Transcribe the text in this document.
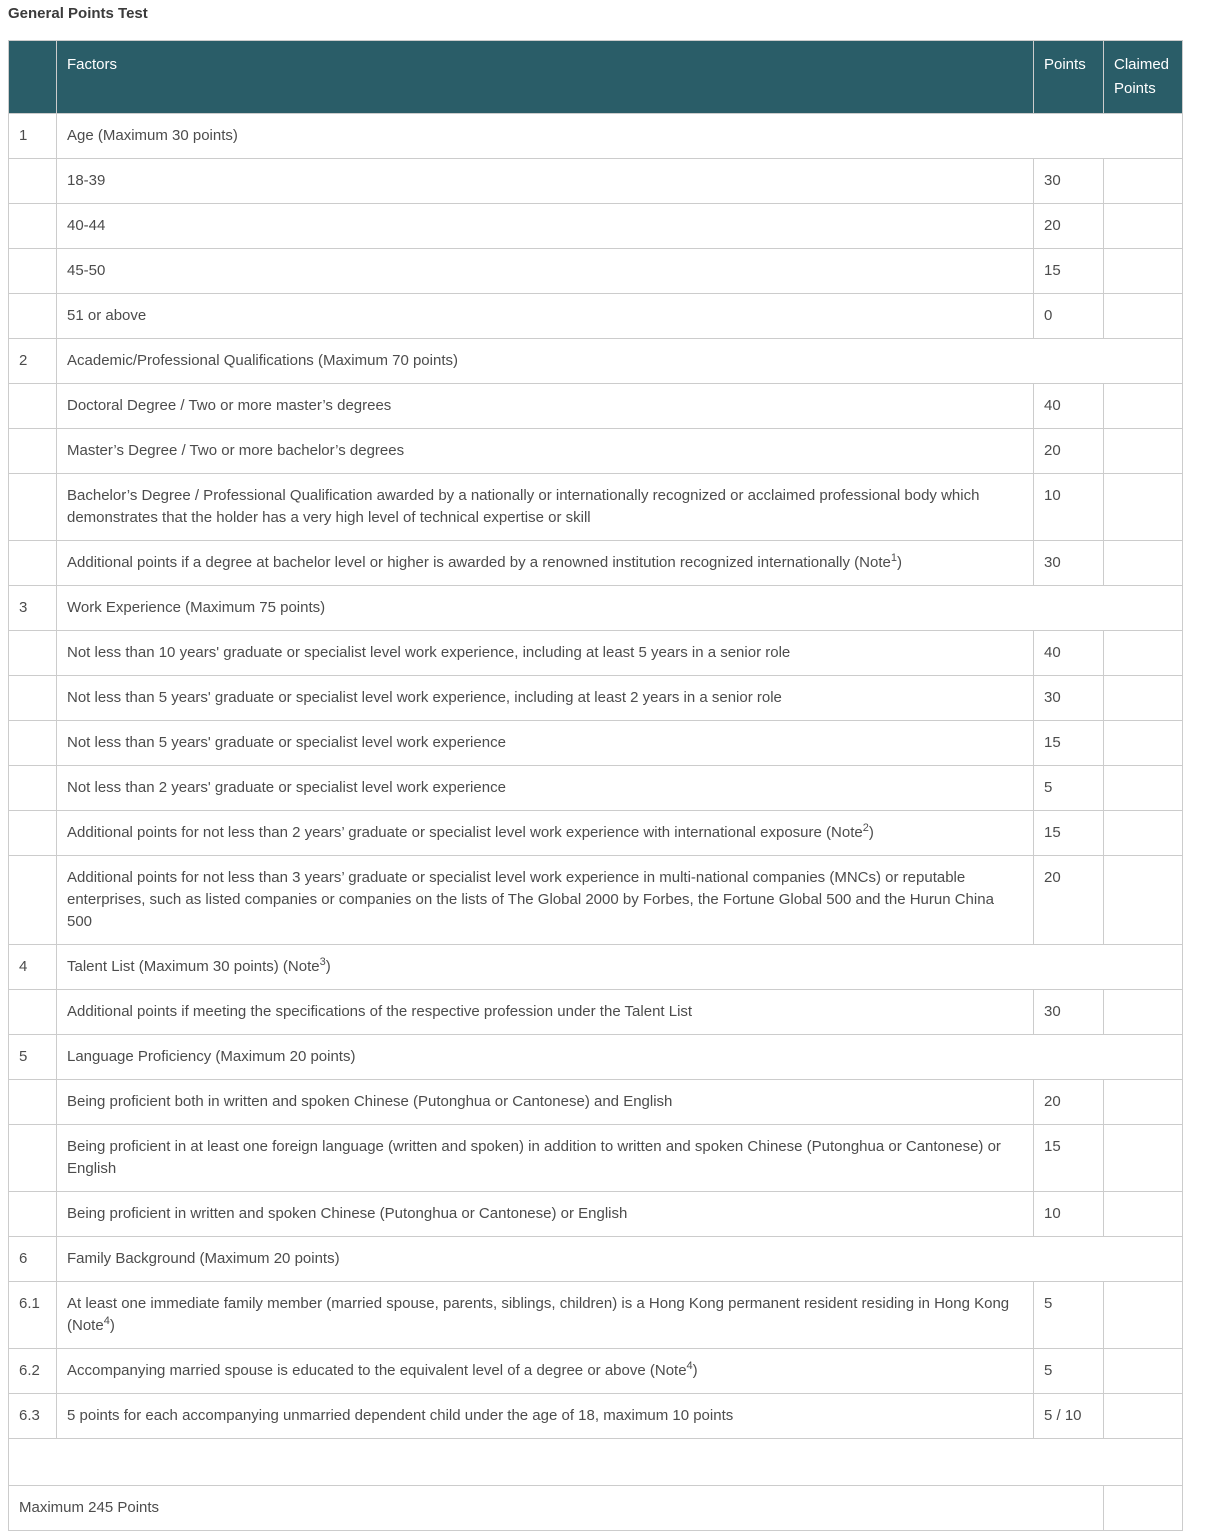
General Points Test
	Factors	Points	Claimed Points
1	Age (Maximum 30 points)		
	18-39	30	
	40-44	20	
	45-50	15	
	51 or above	0	
2	Academic/Professional Qualifications (Maximum 70 points)		
	Doctoral Degree / Two or more master’s degrees	40	
	Master’s Degree / Two or more bachelor’s degrees	20	
	Bachelor’s Degree / Professional Qualification awarded by a nationally or internationally recognized or acclaimed professional body which demonstrates that the holder has a very high level of technical expertise or skill	10	
	Additional points if a degree at bachelor level or higher is awarded by a renowned institution recognized internationally (Note$^1$)	30	
3	Work Experience (Maximum 75 points)		
	Not less than 10 years' graduate or specialist level work experience, including at least 5 years in a senior role	40	
	Not less than 5 years' graduate or specialist level work experience, including at least 2 years in a senior role	30	
	Not less than 5 years' graduate or specialist level work experience	15	
	Not less than 2 years' graduate or specialist level work experience	5	
	Additional points for not less than 2 years’ graduate or specialist level work experience with international exposure (Note$^2$)	15	
	Additional points for not less than 3 years’ graduate or specialist level work experience in multi-national companies (MNCs) or reputable enterprises, such as listed companies or companies on the lists of The Global 2000 by Forbes, the Fortune Global 500 and the Hurun China 500	20	
4	Talent List (Maximum 30 points) (Note$^3$)		
	Additional points if meeting the specifications of the respective profession under the Talent List	30	
5	Language Proficiency (Maximum 20 points)		
	Being proficient both in written and spoken Chinese (Putonghua or Cantonese) and English	20	
	Being proficient in at least one foreign language (written and spoken) in addition to written and spoken Chinese (Putonghua or Cantonese) or English	15	
	Being proficient in written and spoken Chinese (Putonghua or Cantonese) or English	10	
6	Family Background (Maximum 20 points)		
6.1	At least one immediate family member (married spouse, parents, siblings, children) is a Hong Kong permanent resident residing in Hong Kong (Note$^4$)	5	
6.2	Accompanying married spouse is educated to the equivalent level of a degree or above (Note$^4$)	5	
6.3	5 points for each accompanying unmarried dependent child under the age of 18, maximum 10 points	5 / 10	

Maximum 245 Points			
